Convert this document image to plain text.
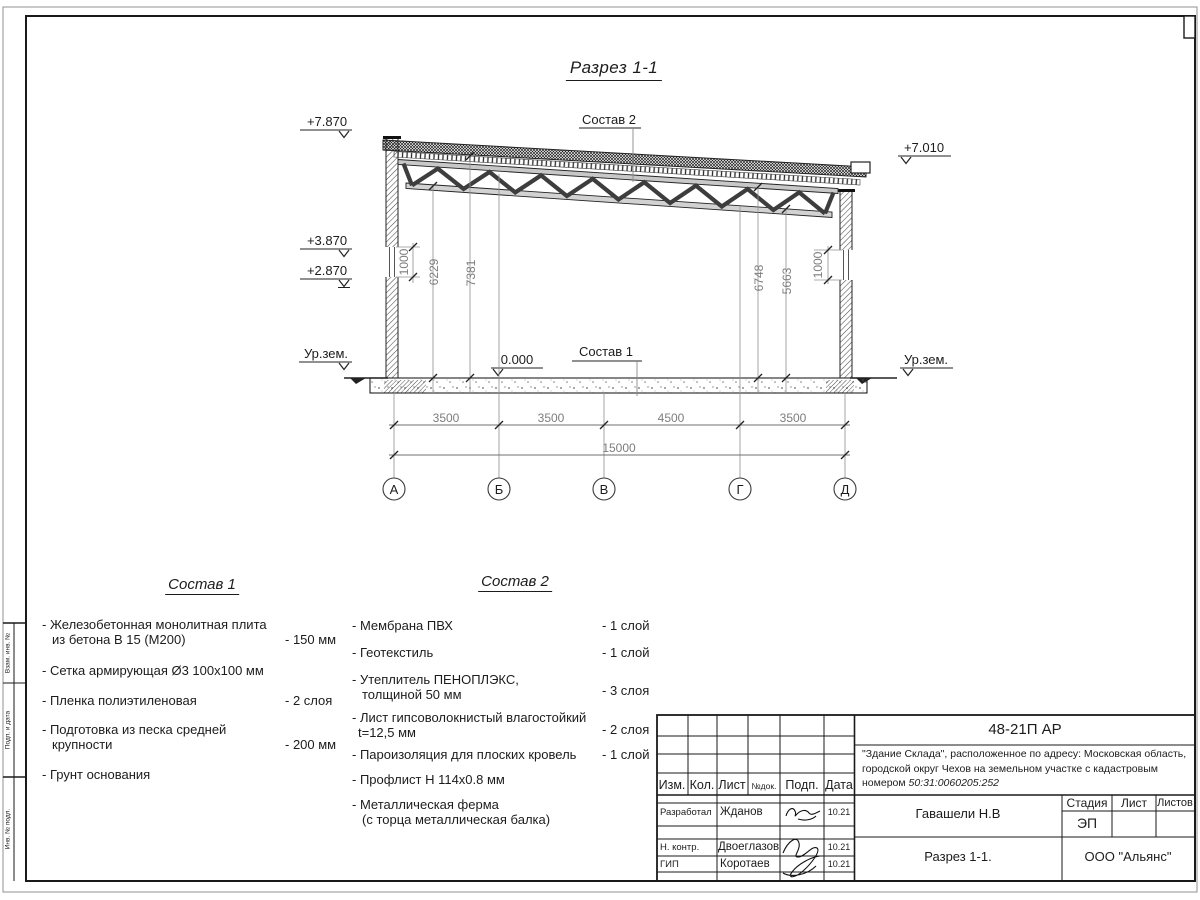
Разрез 1-1
Состав 2
Состав 1
+7.870
+3.870
+2.870
Ур.зем.	0.000
+7.010
Ур.зем.
1000 6229 7381	6748 5663
1000
3500	3500	4500	3500
15000
А	Б	В	Г	Д
Состав 1
- Железобетонная монолитная плита
из бетона В 15 (М200)	- 150 мм
- Сетка армирующая Ø3 100х100 мм
- Пленка полиэтиленовая	- 2 слоя
- Подготовка из песка средней
крупности	- 200 мм
- Грунт основания
Состав 2
- Мембрана ПВХ	- 1 слой
- Геотекстиль	- 1 слой
- Утеплитель ПЕНОПЛЭКС,
толщиной 50 мм	- 3 слоя
- Лист гипсоволокнистый влагостойкий
t=12,5 мм	- 2 слоя
- Пароизоляция для плоских кровель - 1 слой
- Профлист Н 114х0.8 мм
- Металлическая ферма
(с торца металлическая балка)
Взам. инв. №
Подп. и дата
Инв. № подл.
Изм. Кол. Лист №док. Подп. Дата
Разработал Жданов	10.21
Н. контр. Двоеглазов	10.21
ГИП	Коротаев	10.21
48-21П АР
"Здание Склада", расположенное по адресу: Московская область,
городской округ Чехов на земельном участке с кадастровым
номером 50:31:0060205:252
Гавашели Н.В
Стадия Лист Листов
ЭП
Разрез 1-1.	ООО "Альянс"
